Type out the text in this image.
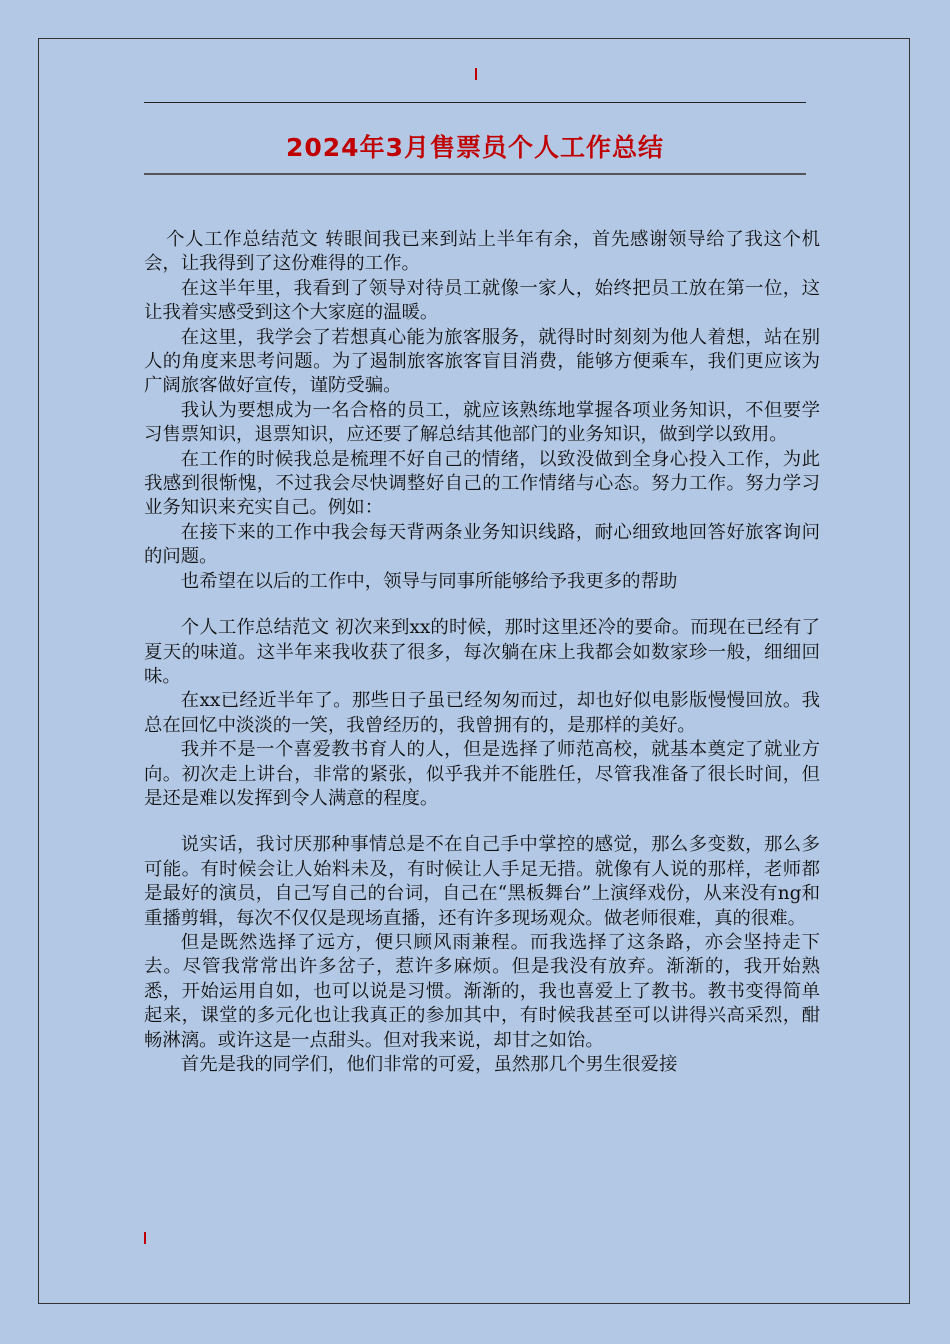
2024年3月售票员个人工作总结

个人工作总结范文 转眼间我已来到站上半年有余，首先感谢领导给了我这个机会，让我得到了这份难得的工作。

在这半年里，我看到了领导对待员工就像一家人，始终把员工放在第一位，这让我着实感受到这个大家庭的温暖。

在这里，我学会了若想真心能为旅客服务，就得时时刻刻为他人着想，站在别人的角度来思考问题。为了遏制旅客旅客盲目消费，能够方便乘车，我们更应该为广阔旅客做好宣传，谨防受骗。

我认为要想成为一名合格的员工，就应该熟练地掌握各项业务知识，不但要学习售票知识，退票知识，应还要了解总结其他部门的业务知识，做到学以致用。

在工作的时候我总是梳理不好自己的情绪，以致没做到全身心投入工作，为此我感到很惭愧，不过我会尽快调整好自己的工作情绪与心态。努力工作。努力学习业务知识来充实自己。例如：

在接下来的工作中我会每天背两条业务知识线路，耐心细致地回答好旅客询问的问题。

也希望在以后的工作中，领导与同事所能够给予我更多的帮助

个人工作总结范文 初次来到xx的时候，那时这里还冷的要命。而现在已经有了夏天的味道。这半年来我收获了很多，每次躺在床上我都会如数家珍一般，细细回味。

在xx已经近半年了。那些日子虽已经匆匆而过，却也好似电影版慢慢回放。我总在回忆中淡淡的一笑，我曾经历的，我曾拥有的，是那样的美好。

我并不是一个喜爱教书育人的人，但是选择了师范高校，就基本奠定了就业方向。初次走上讲台，非常的紧张，似乎我并不能胜任，尽管我准备了很长时间，但是还是难以发挥到令人满意的程度。

说实话，我讨厌那种事情总是不在自己手中掌控的感觉，那么多变数，那么多可能。有时候会让人始料未及，有时候让人手足无措。就像有人说的那样，老师都是最好的演员，自己写自己的台词，自己在“黑板舞台”上演绎戏份，从来没有ng和重播剪辑，每次不仅仅是现场直播，还有许多现场观众。做老师很难，真的很难。

但是既然选择了远方，便只顾风雨兼程。而我选择了这条路，亦会坚持走下去。尽管我常常出许多岔子，惹许多麻烦。但是我没有放弃。渐渐的，我开始熟悉，开始运用自如，也可以说是习惯。渐渐的，我也喜爱上了教书。教书变得简单起来，课堂的多元化也让我真正的参加其中，有时候我甚至可以讲得兴高采烈，酣畅淋漓。或许这是一点甜头。但对我来说，却甘之如饴。

首先是我的同学们，他们非常的可爱，虽然那几个男生很爱接
